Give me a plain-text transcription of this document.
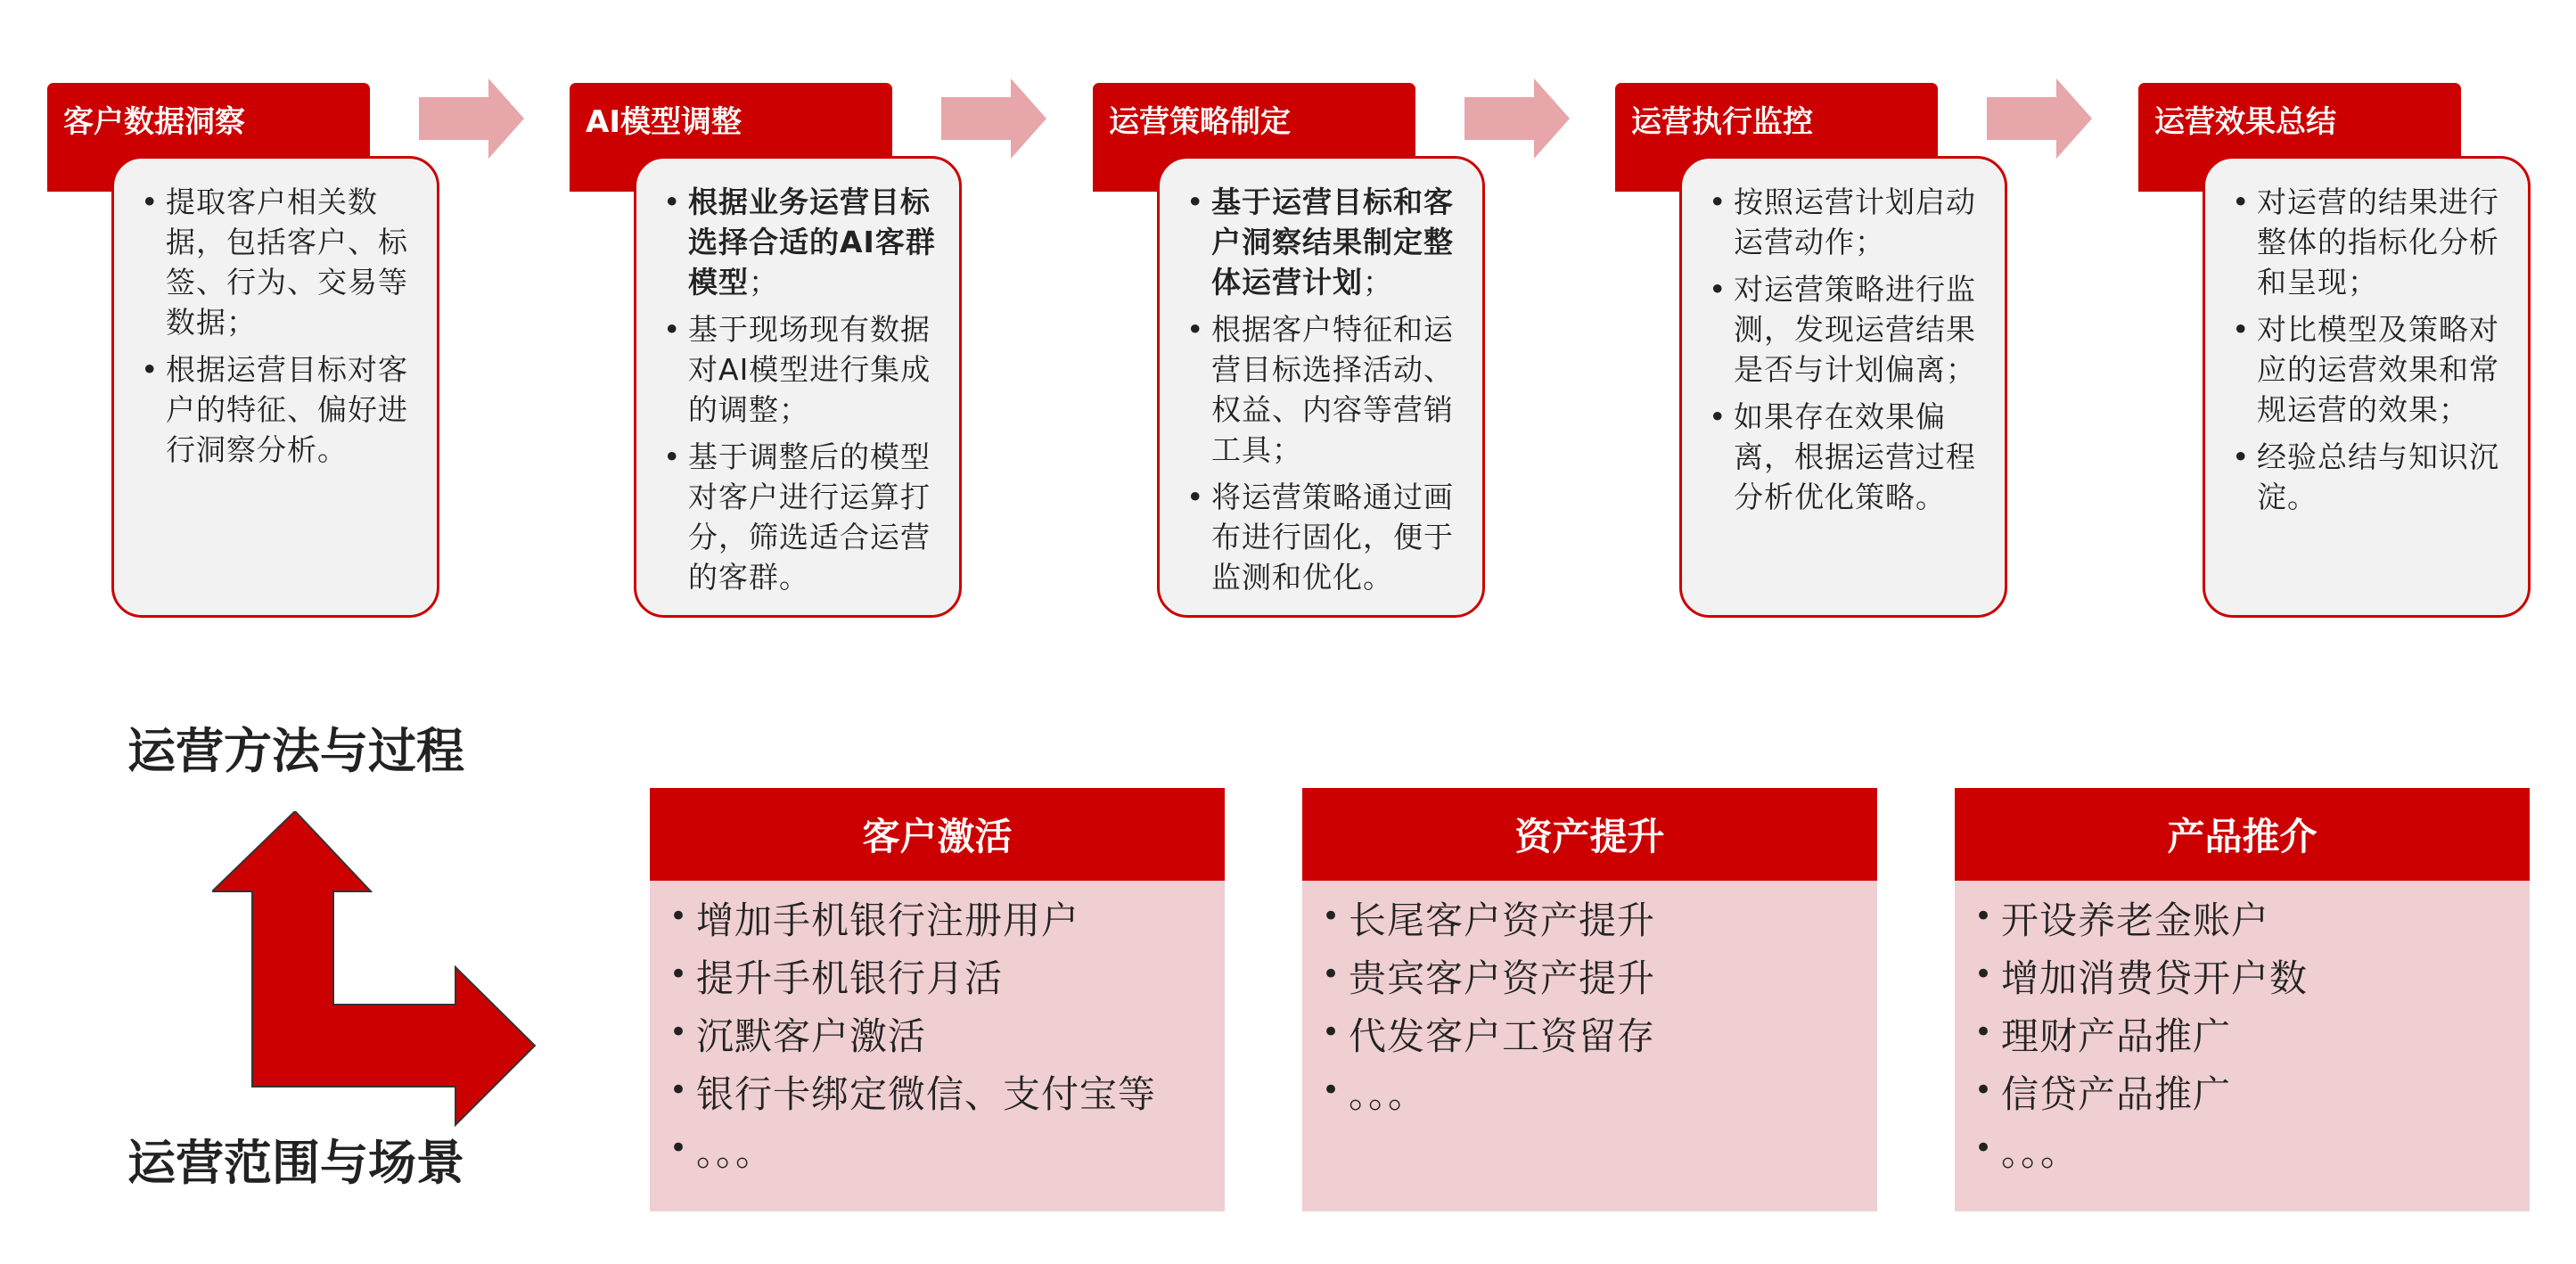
客户数据洞察
• 提取客户相关数据，包括客户、标签、行为、交易等数据；
• 根据运营目标对客户的特征、偏好进行洞察分析。
AI模型调整
• 根据业务运营目标选择合适的AI客群模型；
• 基于现场现有数据对AI模型进行集成的调整；
• 基于调整后的模型对客户进行运算打分，筛选适合运营的客群。
运营策略制定
• 基于运营目标和客户洞察结果制定整体运营计划；
• 根据客户特征和运营目标选择活动、权益、内容等营销工具；
• 将运营策略通过画布进行固化，便于监测和优化。
运营执行监控
• 按照运营计划启动运营动作；
• 对运营策略进行监测，发现运营结果是否与计划偏离；
• 如果存在效果偏离，根据运营过程分析优化策略。
运营效果总结
• 对运营的结果进行整体的指标化分析和呈现；
• 对比模型及策略对应的运营效果和常规运营的效果；
• 经验总结与知识沉淀。
运营方法与过程
运营范围与场景
客户激活
• 增加手机银行注册用户
• 提升手机银行月活
• 沉默客户激活
• 银行卡绑定微信、支付宝等
• 。。。
资产提升
• 长尾客户资产提升
• 贵宾客户资产提升
• 代发客户工资留存
• 。。。
产品推介
• 开设养老金账户
• 增加消费贷开户数
• 理财产品推广
• 信贷产品推广
• 。。。
